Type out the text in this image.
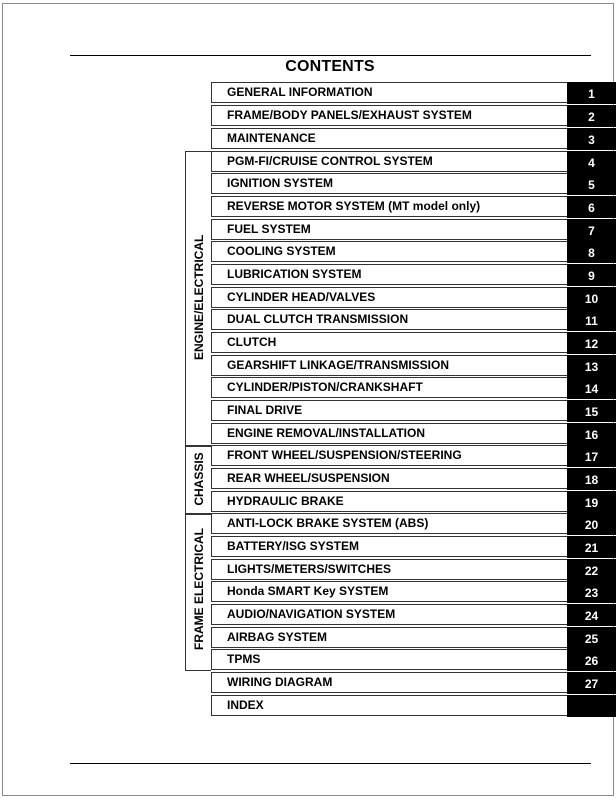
CONTENTS
ENGINE/ELECTRICAL
CHASSIS
FRAME ELECTRICAL
GENERAL INFORMATION	1
FRAME/BODY PANELS/EXHAUST SYSTEM	2
MAINTENANCE	3
PGM-FI/CRUISE CONTROL SYSTEM	4
IGNITION SYSTEM	5
REVERSE MOTOR SYSTEM (MT model only)	6
FUEL SYSTEM	7
COOLING SYSTEM	8
LUBRICATION SYSTEM	9
CYLINDER HEAD/VALVES	10
DUAL CLUTCH TRANSMISSION	11
CLUTCH	12
GEARSHIFT LINKAGE/TRANSMISSION	13
CYLINDER/PISTON/CRANKSHAFT	14
FINAL DRIVE	15
ENGINE REMOVAL/INSTALLATION	16
FRONT WHEEL/SUSPENSION/STEERING	17
REAR WHEEL/SUSPENSION	18
HYDRAULIC BRAKE	19
ANTI-LOCK BRAKE SYSTEM (ABS)	20
BATTERY/ISG SYSTEM	21
LIGHTS/METERS/SWITCHES	22
Honda SMART Key SYSTEM	23
AUDIO/NAVIGATION SYSTEM	24
AIRBAG SYSTEM	25
TPMS	26
WIRING DIAGRAM	27
INDEX
